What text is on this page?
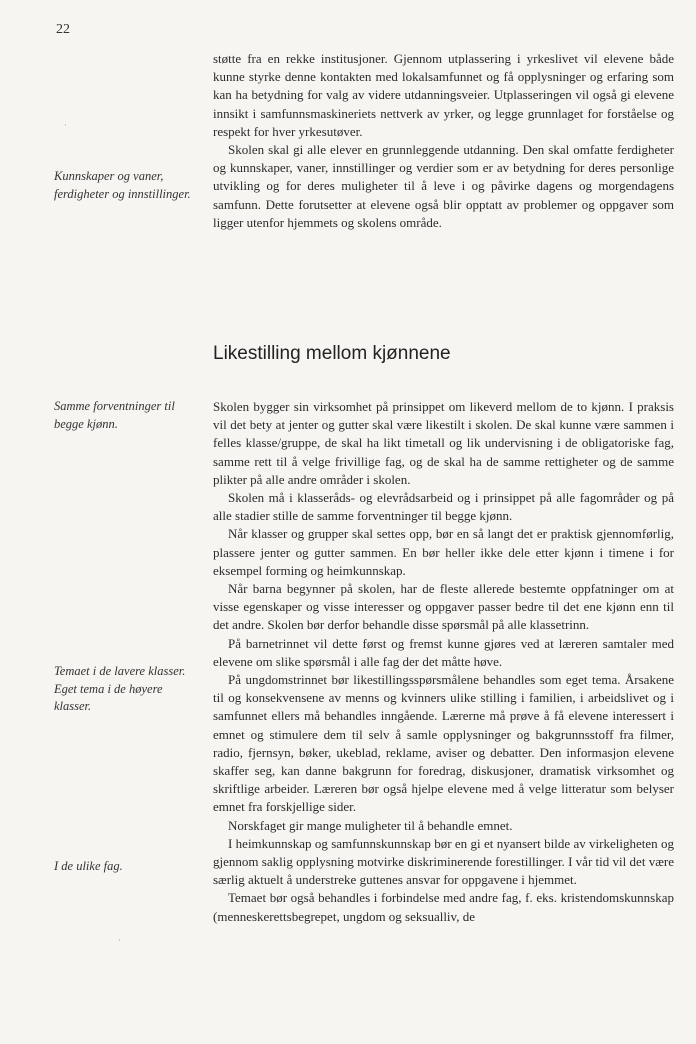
22
Kunnskaper og vaner, ferdigheter og innstillinger.
Samme forventninger til begge kjønn.
Temaet i de lavere klasser. Eget tema i de høyere klasser.
I de ulike fag.
·
·

støtte fra en rekke institusjoner. Gjennom utplassering i yrkeslivet vil elevene både kunne styrke denne kontakten med lokalsamfunnet og få opplysninger og erfaring som kan ha betydning for valg av videre utdanningsveier. Utplasseringen vil også gi elevene innsikt i samfunnsmaskineriets nettverk av yrker, og legge grunnlaget for forståelse og respekt for hver yrkesutøver.

Skolen skal gi alle elever en grunnleggende utdanning. Den skal omfatte ferdigheter og kunnskaper, vaner, innstillinger og verdier som er av betydning for deres personlige utvikling og for deres muligheter til å leve i og påvirke dagens og morgendagens samfunn. Dette forutsetter at elevene også blir opptatt av problemer og oppgaver som ligger utenfor hjemmets og skolens område.

Likestilling mellom kjønnene

Skolen bygger sin virksomhet på prinsippet om likeverd mellom de to kjønn. I praksis vil det bety at jenter og gutter skal være likestilt i skolen. De skal kunne være sammen i felles klasse/gruppe, de skal ha likt timetall og lik undervisning i de obligatoriske fag, samme rett til å velge frivillige fag, og de skal ha de samme rettigheter og de samme plikter på alle andre områder i skolen.

Skolen må i klasseråds- og elevrådsarbeid og i prinsippet på alle fagområder og på alle stadier stille de samme forventninger til begge kjønn.

Når klasser og grupper skal settes opp, bør en så langt det er praktisk gjennomførlig, plassere jenter og gutter sammen. En bør heller ikke dele etter kjønn i timene i for eksempel forming og heimkunnskap.

Når barna begynner på skolen, har de fleste allerede bestemte oppfatninger om at visse egenskaper og visse interesser og oppgaver passer bedre til det ene kjønn enn til det andre. Skolen bør derfor behandle disse spørsmål på alle klassetrinn.

På barnetrinnet vil dette først og fremst kunne gjøres ved at læreren samtaler med elevene om slike spørsmål i alle fag der det måtte høve.

På ungdomstrinnet bør likestillingsspørsmålene behandles som eget tema. Årsakene til og konsekvensene av menns og kvinners ulike stilling i familien, i arbeidslivet og i samfunnet ellers må behandles inngående. Lærerne må prøve å få elevene interessert i emnet og stimulere dem til selv å samle opplysninger og bakgrunnsstoff fra filmer, radio, fjernsyn, bøker, ukeblad, reklame, aviser og debatter. Den informasjon elevene skaffer seg, kan danne bakgrunn for foredrag, diskusjoner, dramatisk virksomhet og skriftlige arbeider. Læreren bør også hjelpe elevene med å velge litteratur som belyser emnet fra forskjellige sider.

Norskfaget gir mange muligheter til å behandle emnet.

I heimkunnskap og samfunnskunnskap bør en gi et nyansert bilde av virkeligheten og gjennom saklig opplysning motvirke diskriminerende forestillinger. I vår tid vil det være særlig aktuelt å understreke guttenes ansvar for oppgavene i hjemmet.

Temaet bør også behandles i forbindelse med andre fag, f. eks. kristendomskunnskap (menneskerettsbegrepet, ungdom og seksualliv, de
